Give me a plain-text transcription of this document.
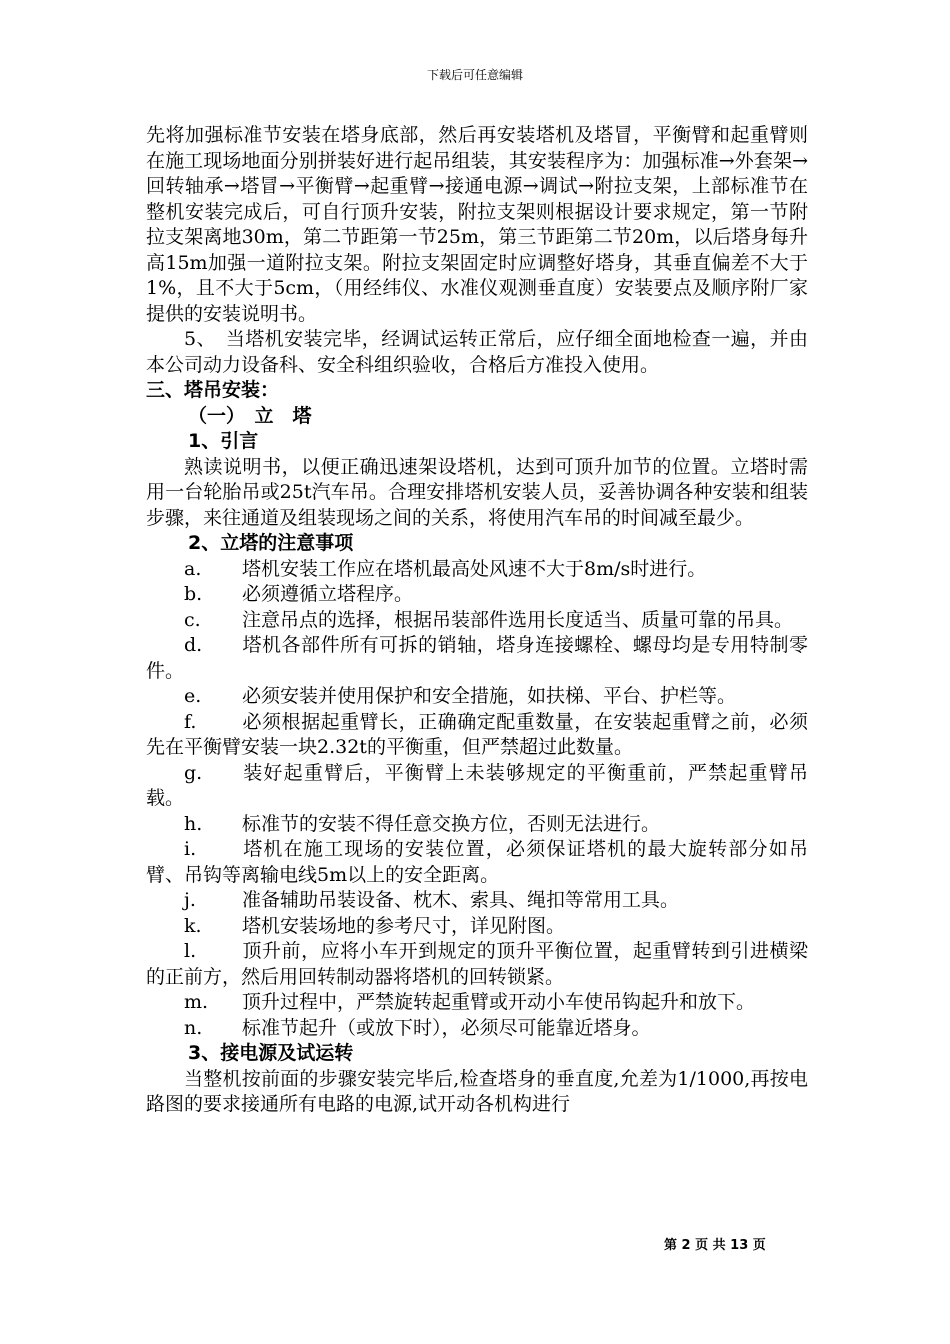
下载后可任意编辑

先将加强标准节安装在塔身底部，然后再安装塔机及塔冒，平衡臂和起重臂则在施工现场地面分别拼装好进行起吊组装，其安装程序为：加强标准→外套架→回转轴承→塔冒→平衡臂→起重臂→接通电源→调试→附拉支架，上部标准节在整机安装完成后，可自行顶升安装，附拉支架则根据设计要求规定，第一节附拉支架离地30m，第二节距第一节25m，第三节距第二节20m，以后塔身每升高15m加强一道附拉支架。附拉支架固定时应调整好塔身，其垂直偏差不大于1%，且不大于5cm，（用经纬仪、水准仪观测垂直度）安装要点及顺序附厂家提供的安装说明书。

5、　当塔机安装完毕，经调试运转正常后，应仔细全面地检查一遍，并由本公司动力设备科、安全科组织验收，合格后方准投入使用。

三、塔吊安装：

（一）　立　塔

1、引言

熟读说明书，以便正确迅速架设塔机，达到可顶升加节的位置。立塔时需用一台轮胎吊或25t汽车吊。合理安排塔机安装人员，妥善协调各种安装和组装步骤，来往通道及组装现场之间的关系，将使用汽车吊的时间减至最少。

2、立塔的注意事项

a. 塔机安装工作应在塔机最高处风速不大于8m/s时进行。

b. 必须遵循立塔程序。

c. 注意吊点的选择，根据吊装部件选用长度适当、质量可靠的吊具。

d. 塔机各部件所有可拆的销轴，塔身连接螺栓、螺母均是专用特制零件。

e. 必须安装并使用保护和安全措施，如扶梯、平台、护栏等。

f. 必须根据起重臂长，正确确定配重数量，在安装起重臂之前，必须先在平衡臂安装一块2.32t的平衡重，但严禁超过此数量。

g. 装好起重臂后，平衡臂上未装够规定的平衡重前，严禁起重臂吊载。

h. 标准节的安装不得任意交换方位，否则无法进行。

i. 塔机在施工现场的安装位置，必须保证塔机的最大旋转部分如吊臂、吊钩等离输电线5m以上的安全距离。

j. 准备辅助吊装设备、枕木、索具、绳扣等常用工具。

k. 塔机安装场地的参考尺寸，详见附图。

l. 顶升前，应将小车开到规定的顶升平衡位置，起重臂转到引进横梁的正前方，然后用回转制动器将塔机的回转锁紧。

m. 顶升过程中，严禁旋转起重臂或开动小车使吊钩起升和放下。

n. 标准节起升（或放下时），必须尽可能靠近塔身。

3、接电源及试运转

当整机按前面的步骤安装完毕后,检查塔身的垂直度,允差为1/1000,再按电路图的要求接通所有电路的电源,试开动各机构进行

第 2 页 共 13 页
